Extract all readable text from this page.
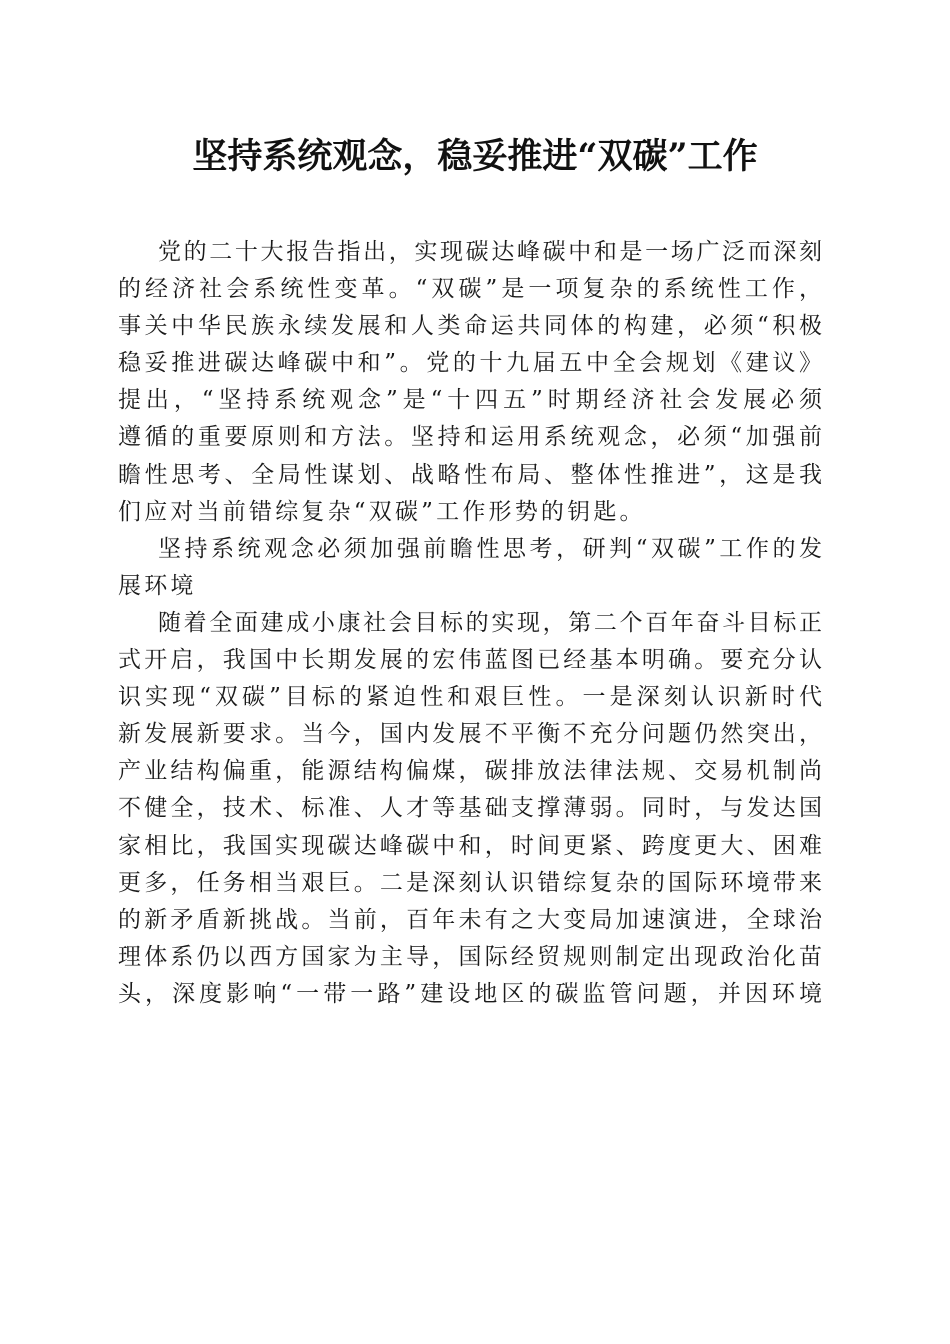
坚持系统观念，稳妥推进“双碳”工作
党的二十大报告指出，实现碳达峰碳中和是一场广泛而深刻
的经济社会系统性变革。“双碳”是一项复杂的系统性工作，
事关中华民族永续发展和人类命运共同体的构建，必须“积极
稳妥推进碳达峰碳中和”。党的十九届五中全会规划《建议》
提出，“坚持系统观念”是“十四五”时期经济社会发展必须
遵循的重要原则和方法。坚持和运用系统观念，必须“加强前
瞻性思考、全局性谋划、战略性布局、整体性推进”，这是我
们应对当前错综复杂“双碳”工作形势的钥匙。
坚持系统观念必须加强前瞻性思考，研判“双碳”工作的发
展环境
随着全面建成小康社会目标的实现，第二个百年奋斗目标正
式开启，我国中长期发展的宏伟蓝图已经基本明确。要充分认
识实现“双碳”目标的紧迫性和艰巨性。一是深刻认识新时代
新发展新要求。当今，国内发展不平衡不充分问题仍然突出，
产业结构偏重，能源结构偏煤，碳排放法律法规、交易机制尚
不健全，技术、标准、人才等基础支撑薄弱。同时，与发达国
家相比，我国实现碳达峰碳中和，时间更紧、跨度更大、困难
更多，任务相当艰巨。二是深刻认识错综复杂的国际环境带来
的新矛盾新挑战。当前，百年未有之大变局加速演进，全球治
理体系仍以西方国家为主导，国际经贸规则制定出现政治化苗
头，深度影响“一带一路”建设地区的碳监管问题，并因环境
